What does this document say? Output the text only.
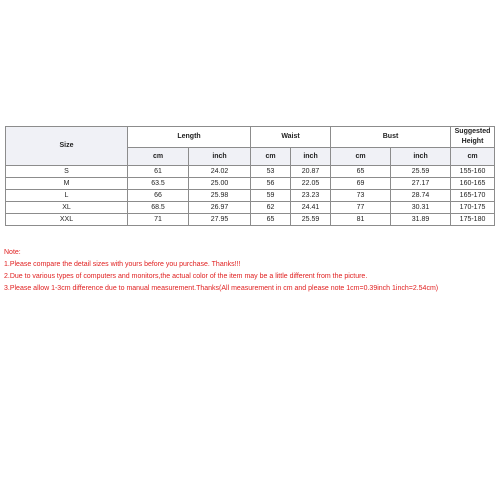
Size	Length		Waist		Bust		Suggested Height
	cm	inch	cm	inch	cm	inch	cm
S	61	24.02	53	20.87	65	25.59	155-160
M	63.5	25.00	56	22.05	69	27.17	160-165
L	66	25.98	59	23.23	73	28.74	165-170
XL	68.5	26.97	62	24.41	77	30.31	170-175
XXL	71	27.95	65	25.59	81	31.89	175-180
Note:
1.Please compare the detail sizes with yours before you purchase. Thanks!!!
2.Due to various types of computers and monitors,the actual color of the item may be a little different from the picture.
3.Please allow 1-3cm difference due to manual measurement.Thanks(All measurement in cm and please note 1cm=0.39inch 1inch=2.54cm)
